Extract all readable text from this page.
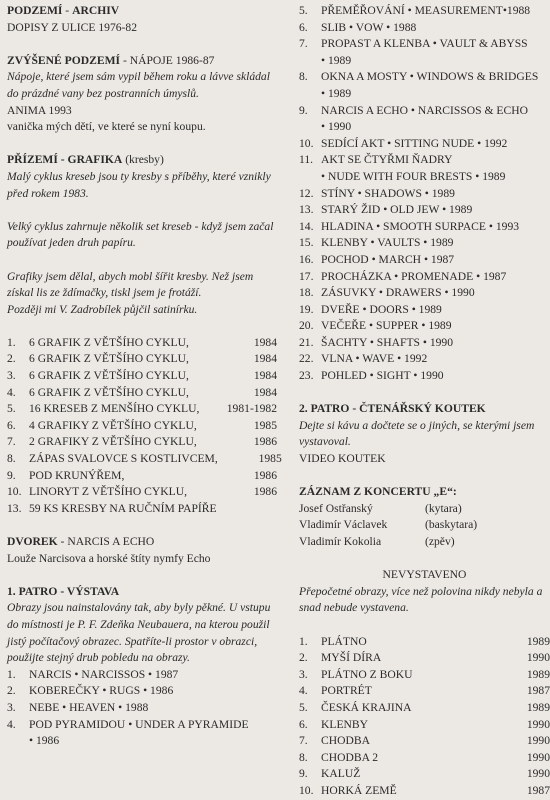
PODZEMÍ - ARCHIV

DOPISY Z ULICE 1976-82

ZVÝŠENÉ PODZEMÍ - NÁPOJE 1986-87

Nápoje, které jsem sám vypil během roku a lávve skládal do prázdné vany bez postranních úmyslů.

ANIMA 1993

vanička mých dětí, ve které se nyní koupu.

PŘÍZEMÍ - GRAFIKA (kresby)

Malý cyklus kreseb jsou ty kresby s příběhy, které vznikly před rokem 1983.

Velký cyklus zahrnuje několik set kreseb - když jsem začal používat jeden druh papíru.

Grafiky jsem dělal, abych mobl šířit kresby. Než jsem získal lis ze ždímačky, tiskl jsem je frotáží.

Později mi V. Zadrobílek půjčil satinírku.

1.	6 GRAFIK Z VĚTŠÍHO CYKLU,	1984
2.	6 GRAFIK Z VĚTŠÍHO CYKLU,	1984
3.	6 GRAFIK Z VĚTŠÍHO CYKLU,	1984
4.	6 GRAFIK Z VĚTŠÍHO CYKLU,	1984
5.	16 KRESEB Z MENŠÍHO CYKLU,	1981-1982
6.	4 GRAFIKY Z VĚTŠÍHO CYKLU,	1985
7.	2 GRAFIKY Z VĚTŠÍHO CYKLU,	1986
8.	ZÁPAS SVALOVCE S KOSTLIVCEM,	1985
9.	POD KRUNÝŘEM,	1986
10. LINORYT Z VĚTŠÍHO CYKLU,	1986
13. 59 KS KRESBY NA RUČNÍM PAPÍŘE

DVOREK - NARCIS A ECHO

Louže Narcisova a horské štíty nymfy Echo

1. PATRO - VÝSTAVA

Obrazy jsou nainstalovány tak, aby byly pěkné. U vstupu do místnosti je P. F. Zdeňka Neubauera, na kterou použil jistý počítačový obrazec. Spatříte-li prostor v obrazci, použijte stejný drub pobledu na obrazy.

1.	NARCIS • NARCISSOS • 1987
2.	KOBEREČKY • RUGS • 1986
3.	NEBE • HEAVEN • 1988
4.	POD PYRAMIDOU • UNDER A PYRAMIDE
• 1986
5.	PŘEMĚŘOVÁNÍ • MEASUREMENT•1988
6.	SLIB • VOW • 1988
7.	PROPAST A KLENBA • VAULT & ABYSS
• 1989
8.	OKNA A MOSTY • WINDOWS & BRIDGES
• 1989
9.	NARCIS A ECHO • NARCISSOS & ECHO
• 1990
10. SEDÍCÍ AKT • SITTING NUDE • 1992
11. AKT SE ČTYŘMI ŇADRY
• NUDE WITH FOUR BRESTS • 1989
12. STÍNY • SHADOWS • 1989
13. STARÝ ŽID • OLD JEW • 1989
14. HLADINA • SMOOTH SURPACE • 1993
15. KLENBY • VAULTS • 1989
16. POCHOD • MARCH • 1987
17. PROCHÁZKA • PROMENADE • 1987
18. ZÁSUVKY • DRAWERS • 1990
19. DVEŘE • DOORS • 1989
20. VEČEŘE • SUPPER • 1989
21. ŠACHTY • SHAFTS • 1990
22. VLNA • WAVE • 1992
23. POHLED • SIGHT • 1990

2. PATRO - ČTENÁŘSKÝ KOUTEK

Dejte si kávu a dočtete se o jiných, se kterými jsem vystavoval.

VIDEO KOUTEK

ZÁZNAM Z KONCERTU „E“:

Josef Ostřanský	(kytara)
Vladimír Václavek	(baskytara)
Vladimír Kokolia	(zpěv)

NEVYSTAVENO

Přepočetné obrazy, více než polovina nikdy nebyla a snad nebude vystavena.

1.	PLÁTNO	1989
2.	MYŠÍ DÍRA	1990
3.	PLÁTNO Z BOKU	1989
4.	PORTRÉT	1987
5.	ČESKÁ KRAJINA	1989
6.	KLENBY	1990
7.	CHODBA	1990
8.	CHODBA 2	1990
9.	KALUŽ	1990
10. HORKÁ ZEMĚ	1987
